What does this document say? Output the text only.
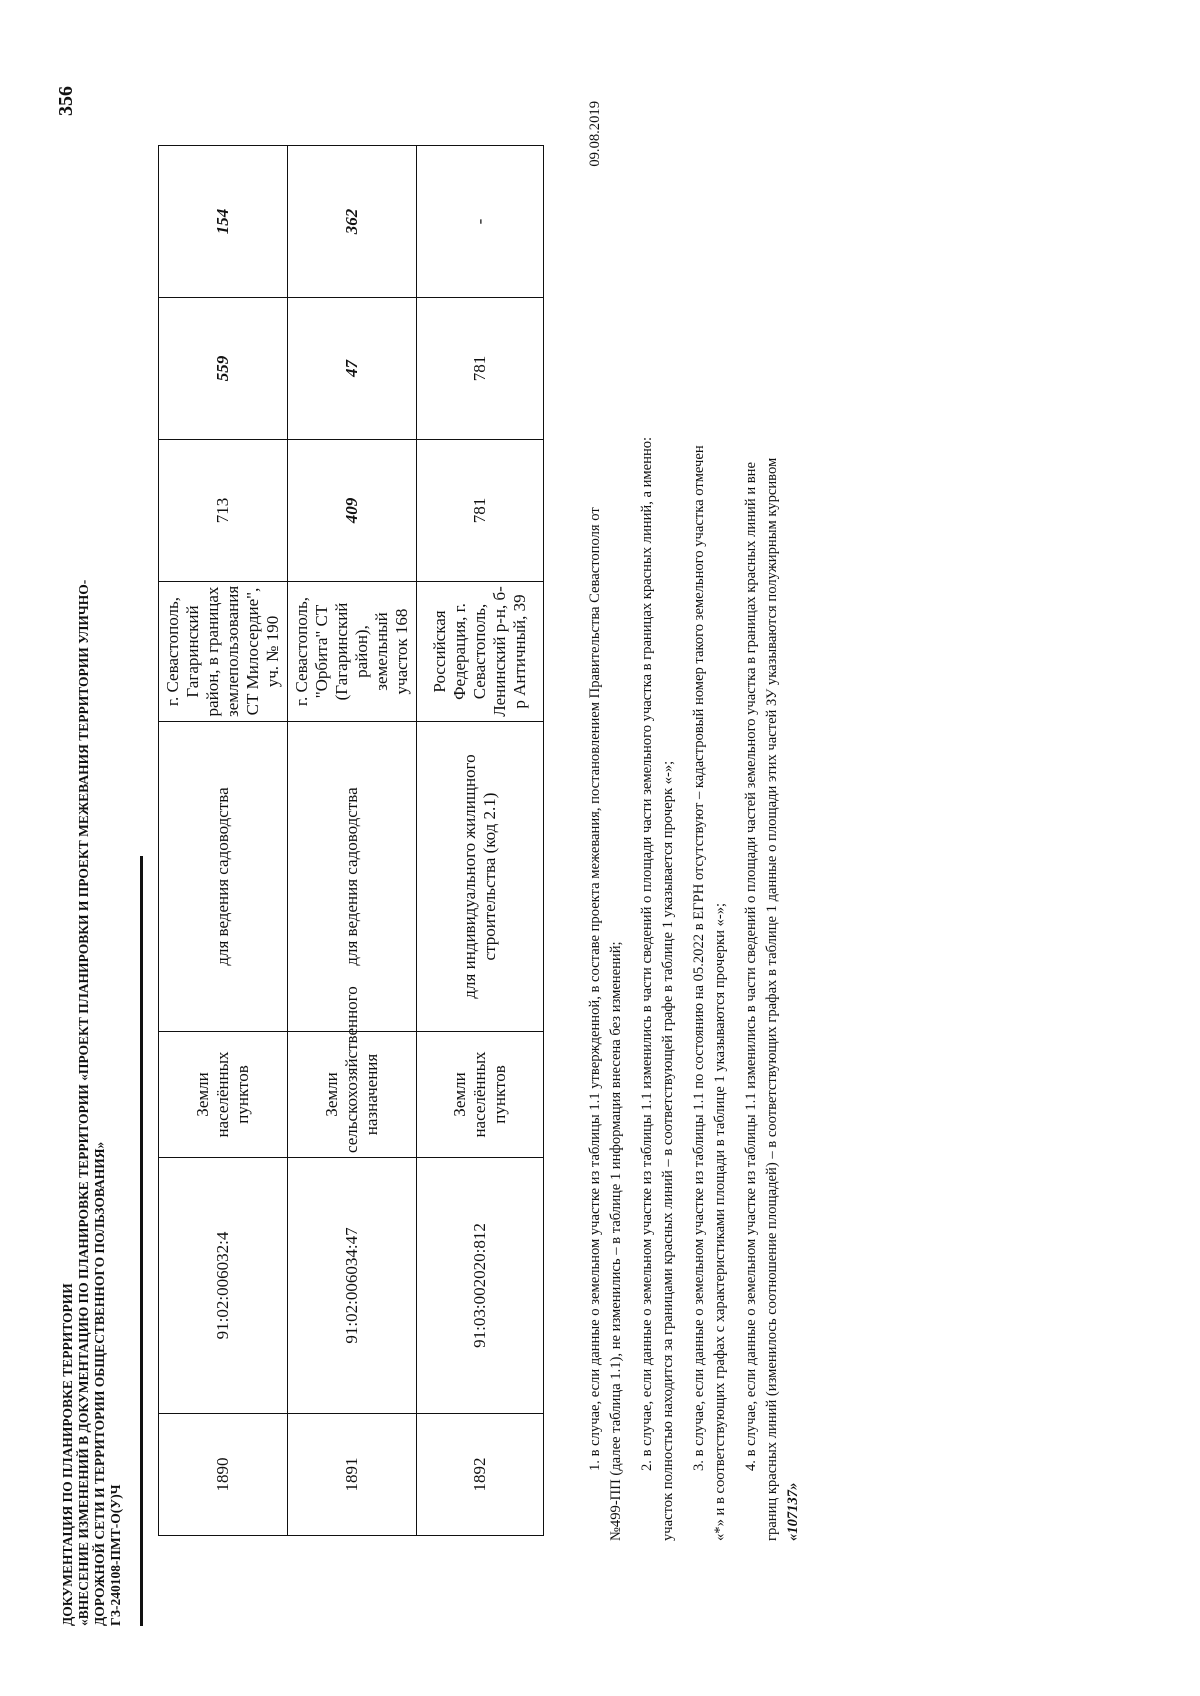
356
ДОКУМЕНТАЦИЯ ПО ПЛАНИРОВКЕ ТЕРРИТОРИИ «ВНЕСЕНИЕ ИЗМЕНЕНИЙ В ДОКУМЕНТАЦИЮ ПО ПЛАНИРОВКЕ ТЕРРИТОРИИ «ПРОЕКТ ПЛАНИРОВКИ И ПРОЕКТ МЕЖЕВАНИЯ ТЕРРИТОРИИ УЛИЧНО- ДОРОЖНОЙ СЕТИ И ТЕРРИТОРИИ ОБЩЕСТВЕННОГО ПОЛЬЗОВАНИЯ» ГЗ-240108-ПМТ-О(У)Ч
1890	91:02:006032:4	Земли населённых пунктов	для ведения садоводства	г. Севастополь, Гагаринский район, в границах землепользования СТ Милосердие", уч. № 190	713	559	154
1891	91:02:006034:47	Земли сельскохозяйственного назначения	для ведения садоводства	г. Севастополь, "Орбита" СТ (Гагаринский район), земельный участок 168	409	47	362
1892	91:03:002020:812	Земли населённых пунктов	для индивидуального жилищного строительства (код 2.1)	Российская Федерация, г. Севастополь, Ленинский р-н, б-р Античный, 39	781	781	-

09.08.2019
1. в случае, если данные о земельном участке из таблицы 1.1 утвержденной, в составе проекта межевания, постановлением Правительства Севастополя от №499-ПП (далее таблица 1.1), не изменились – в таблице 1 информация внесена без изменений; 2. в случае, если данные о земельном участке из таблицы 1.1 изменились в части сведений о площади части земельного участка в границах красных линий, а именно: участок полностью находится за границами красных линий – в соответствующей графе в таблице 1 указывается прочерк «-»; 3. в случае, если данные о земельном участке из таблицы 1.1 по состоянию на 05.2022 в ЕГРН отсутствуют – кадастровый номер такого земельного участка отмечен «*» и в соответствующих графах с характеристиками площади в таблице 1 указываются прочерки «-»; 4. в случае, если данные о земельном участке из таблицы 1.1 изменились в части сведений о площади частей земельного участка в границах красных линий и вне границ красных линий (изменилось соотношение площадей) – в соответствующих графах в таблице 1 данные о площади этих частей ЗУ указываются полужирным курсивом «107137»
